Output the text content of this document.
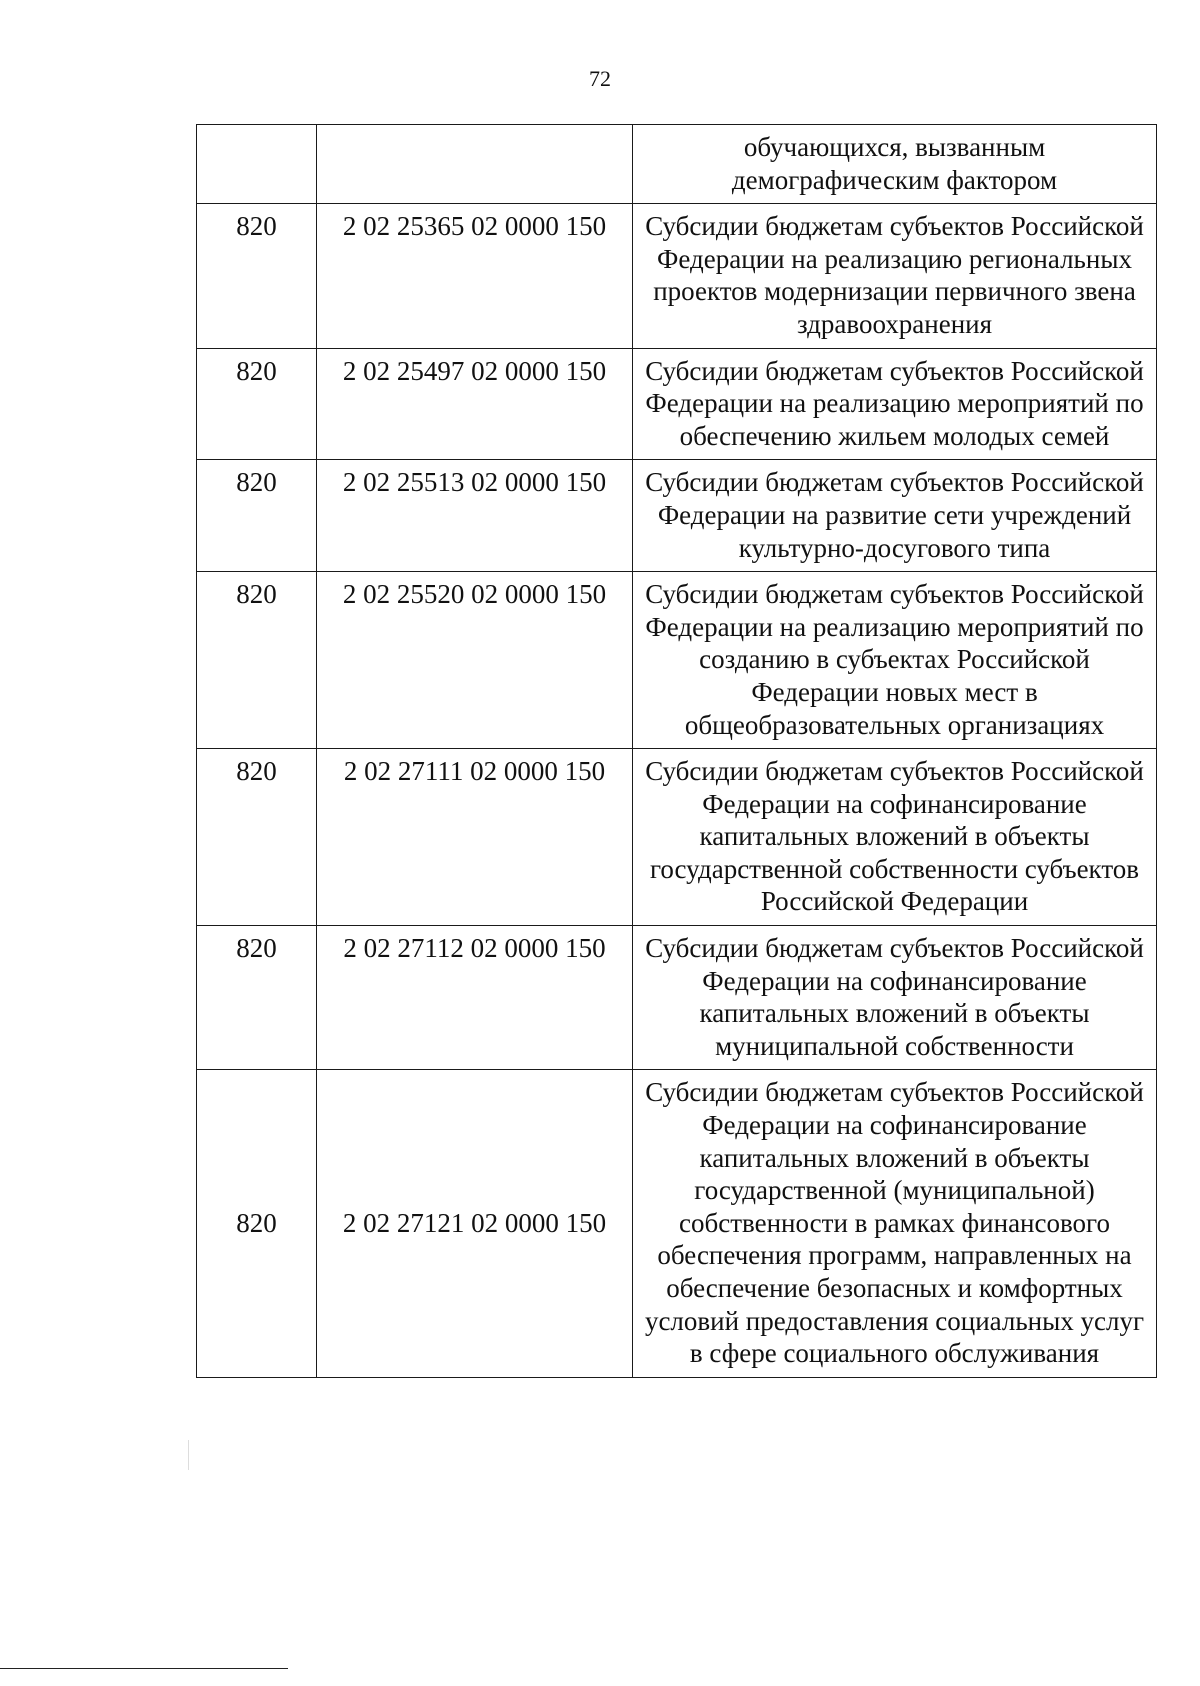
72
		обучающихся, вызванным демографическим фактором
820	2 02 25365 02 0000 150	Субсидии бюджетам субъектов Российской Федерации на реализацию региональных проектов модернизации первичного звена здравоохранения
820	2 02 25497 02 0000 150	Субсидии бюджетам субъектов Российской Федерации на реализацию мероприятий по обеспечению жильем молодых семей
820	2 02 25513 02 0000 150	Субсидии бюджетам субъектов Российской Федерации на развитие сети учреждений культурно-досугового типа
820	2 02 25520 02 0000 150	Субсидии бюджетам субъектов Российской Федерации на реализацию мероприятий по созданию в субъектах Российской Федерации новых мест в общеобразовательных организациях
820	2 02 27111 02 0000 150	Субсидии бюджетам субъектов Российской Федерации на софинансирование капитальных вложений в объекты государственной собственности субъектов Российской Федерации
820	2 02 27112 02 0000 150	Субсидии бюджетам субъектов Российской Федерации на софинансирование капитальных вложений в объекты муниципальной собственности
820	2 02 27121 02 0000 150	Субсидии бюджетам субъектов Российской Федерации на софинансирование капитальных вложений в объекты государственной (муниципальной) собственности в рамках финансового обеспечения программ, направленных на обеспечение безопасных и комфортных условий предоставления социальных услуг в сфере социального обслуживания
